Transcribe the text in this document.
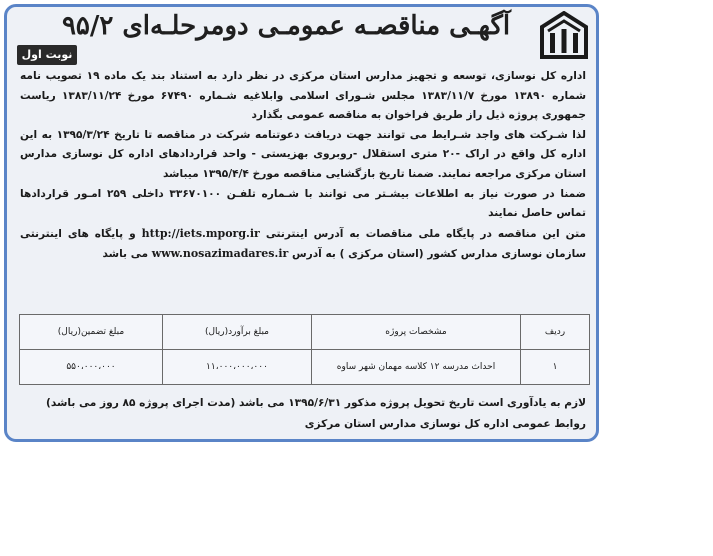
آگهـی مناقصـه عمومـی دومرحلـه‌ای ۹۵/۲
نوبت اول

اداره کل نوسازی، توسعه و تجهیز مدارس استان مرکزی در نظر دارد به استناد بند یک ماده ۱۹ تصویب نامه شماره ۱۳۸۹۰ مورخ ۱۳۸۳/۱۱/۷ مجلس شـورای اسلامی وابلاغیه شـماره ۶۷۴۹۰ مورخ ۱۳۸۳/۱۱/۲۴ ریاست جمهوری پروژه ذیل راز طریق فراخوان به مناقصه عمومی بگذارد

لذا شـرکت های واجد شـرایط می توانند جهت دریافت دعوتنامه شرکت در مناقصه تا تاریخ ۱۳۹۵/۳/۲۴ به این اداره کل واقع در اراک -۲۰ متری استقلال -روبروی بهزیستی - واحد قراردادهای اداره کل نوسازی مدارس استان مرکزی مراجعه نمایند. ضمنا تاریخ بازگشایی مناقصه مورخ ۱۳۹۵/۴/۴ میباشد

ضمنا در صورت نیاز به اطلاعات بیشـتر می توانند با شـماره تلفـن ۳۳۶۷۰۱۰۰ داخلی ۲۵۹ امـور قراردادها تماس حاصل نمایند

متن این مناقصه در پایگاه ملی مناقصات به آدرس اینترنتی http://iets.mporg.ir و پایگاه های اینترنتی سازمان نوسازی مدارس کشور (استان مرکزی ) به آدرس www.nosazimadares.ir می باشد

ردیف	مشخصات پروژه	مبلغ برآورد(ریال)	مبلغ تضمین(ریال)
۱	احداث مدرسه ۱۲ کلاسه مهمان شهر ساوه	۱۱،۰۰۰،۰۰۰،۰۰۰	۵۵۰،۰۰۰،۰۰۰

لازم به یادآوری است تاریخ تحویل پروژه مذکور ۱۳۹۵/۶/۳۱ می باشد (مدت اجرای پروژه ۸۵ روز می باشد)

روابط عمومی اداره کل نوسازی مدارس استان مرکزی
